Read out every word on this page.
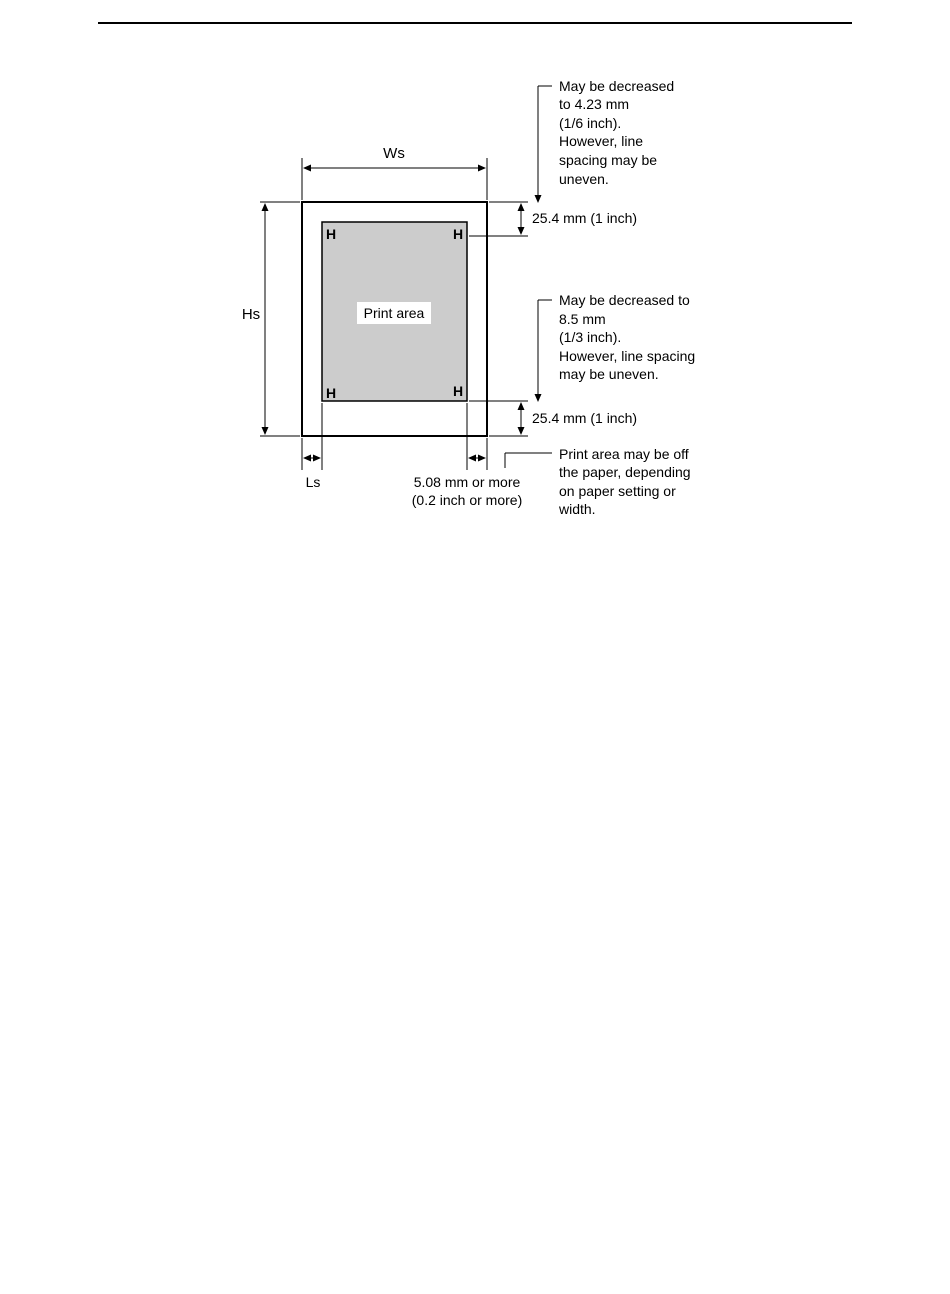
Print area
H	H
H	H
Ws
Hs
Ls	5.08 mm or more
(0.2 inch or more)
25.4 mm (1 inch)
25.4 mm (1 inch)
May be decreased to 4.23 mm (1/6 inch). However, line spacing may be uneven.
May be decreased to 8.5 mm (1/3 inch). However, line spacing may be uneven.
Print area may be off the paper, depending on paper setting or width.
